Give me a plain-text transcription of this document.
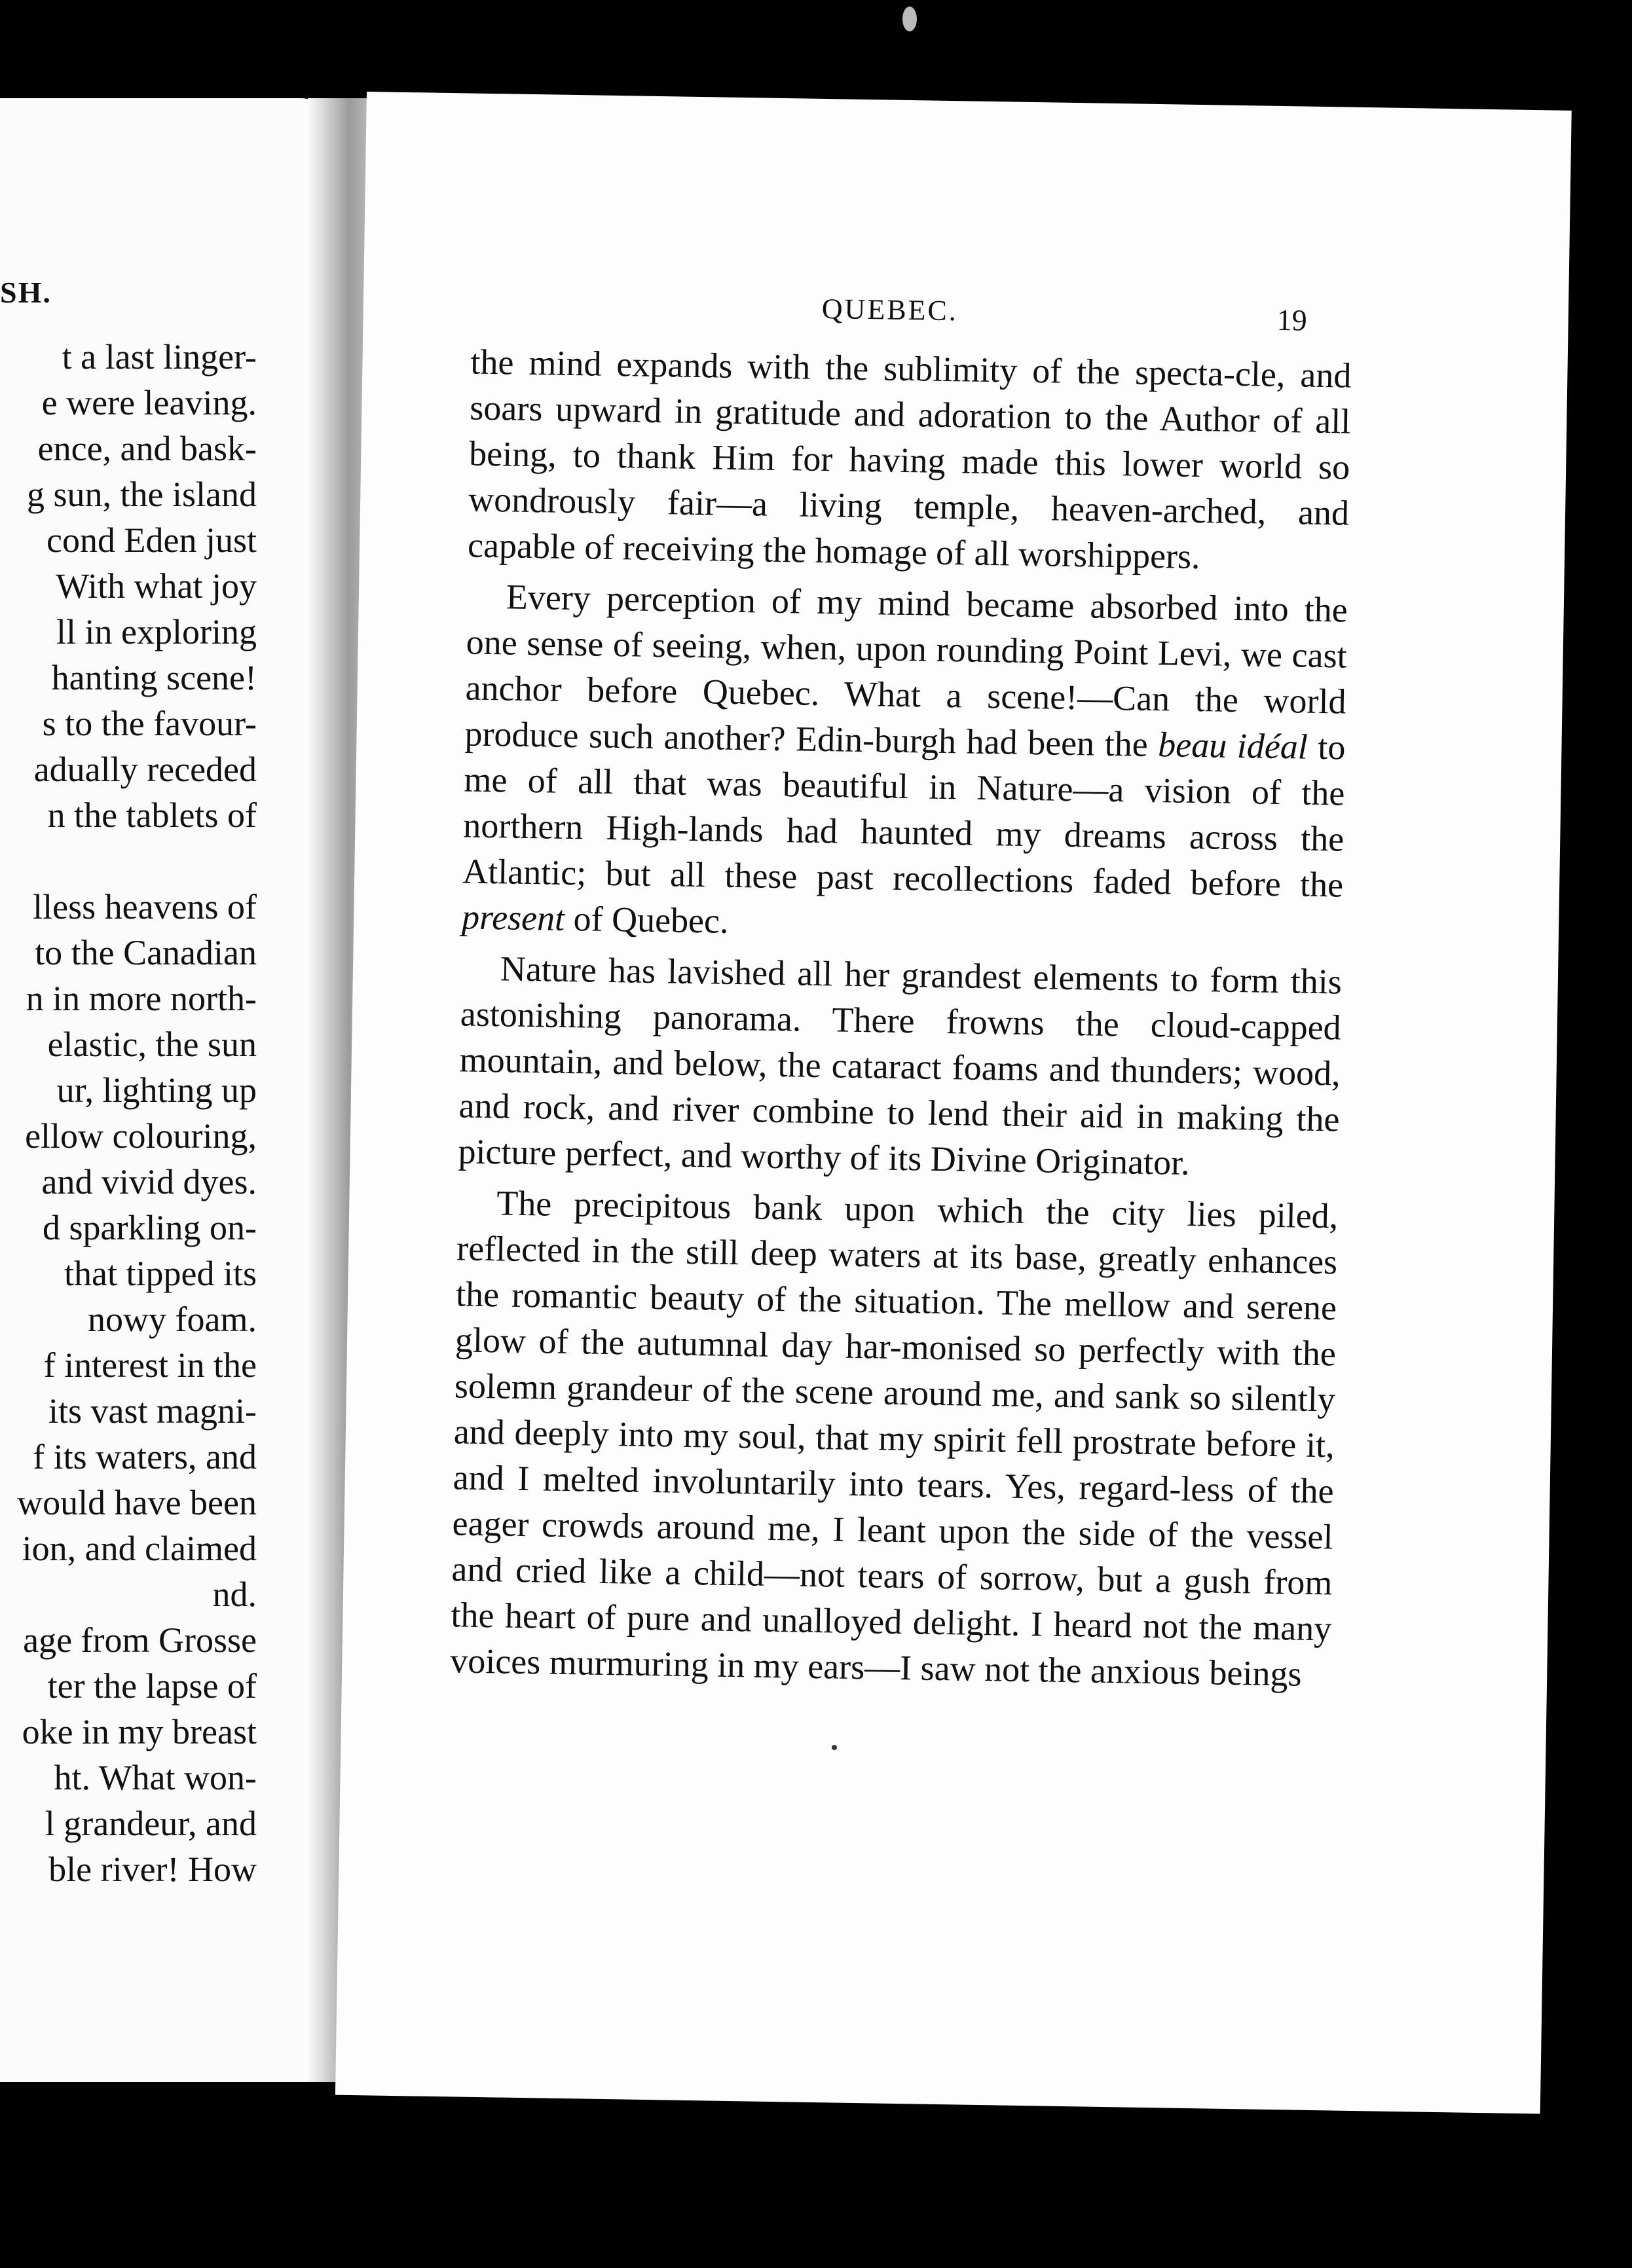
SH.
t a last linger-
e were leaving.
ence, and bask-
g sun, the island
cond Eden just
With what joy
ll in exploring
hanting scene!
s to the favour-
adually receded
n the tablets of

lless heavens of
to the Canadian
n in more north-
elastic, the sun
ur, lighting up
ellow colouring,
and vivid dyes.
d sparkling on-
that tipped its
nowy foam.
f interest in the
its vast magni-
f its waters, and
would have been
ion, and claimed
nd.
age from Grosse
ter the lapse of
oke in my breast
ht. What won-
l grandeur, and
ble river! How
QUEBEC.	19

the mind expands with the sublimity of the specta-cle, and soars upward in gratitude and adoration to the Author of all being, to thank Him for having made this lower world so wondrously fair—a living temple, heaven-arched, and capable of receiving the homage of all worshippers.

Every perception of my mind became absorbed into the one sense of seeing, when, upon rounding Point Levi, we cast anchor before Quebec. What a scene!—Can the world produce such another? Edin-burgh had been the beau idéal to me of all that was beautiful in Nature—a vision of the northern High-lands had haunted my dreams across the Atlantic; but all these past recollections faded before the present of Quebec.

Nature has lavished all her grandest elements to form this astonishing panorama. There frowns the cloud-capped mountain, and below, the cataract foams and thunders; wood, and rock, and river combine to lend their aid in making the picture perfect, and worthy of its Divine Originator.

The precipitous bank upon which the city lies piled, reflected in the still deep waters at its base, greatly enhances the romantic beauty of the situation. The mellow and serene glow of the autumnal day har-monised so perfectly with the solemn grandeur of the scene around me, and sank so silently and deeply into my soul, that my spirit fell prostrate before it, and I melted involuntarily into tears. Yes, regard-less of the eager crowds around me, I leant upon the side of the vessel and cried like a child—not tears of sorrow, but a gush from the heart of pure and unalloyed delight. I heard not the many voices murmuring in my ears—I saw not the anxious beings
